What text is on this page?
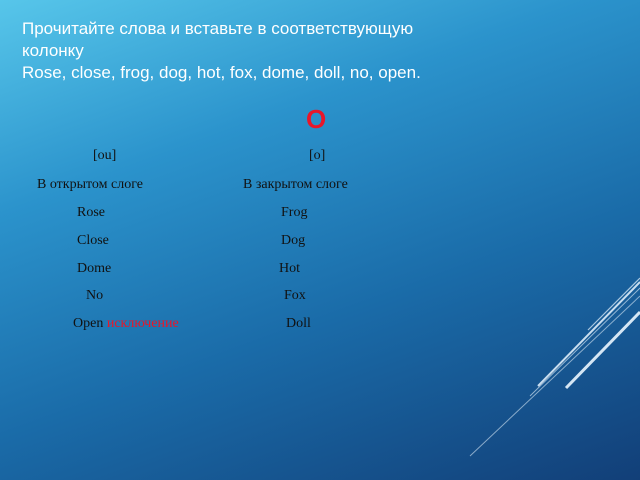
Прочитайте слова и вставьте в соответствующую
колонку
Rose, close, frog, dog, hot, fox, dome, doll, no, open.
O
[ou]
В открытом слоге
Rose
Close
Dome
No
Open исключение
[o]
В закрытом слоге
Frog
Dog
Hot
Fox
Doll
